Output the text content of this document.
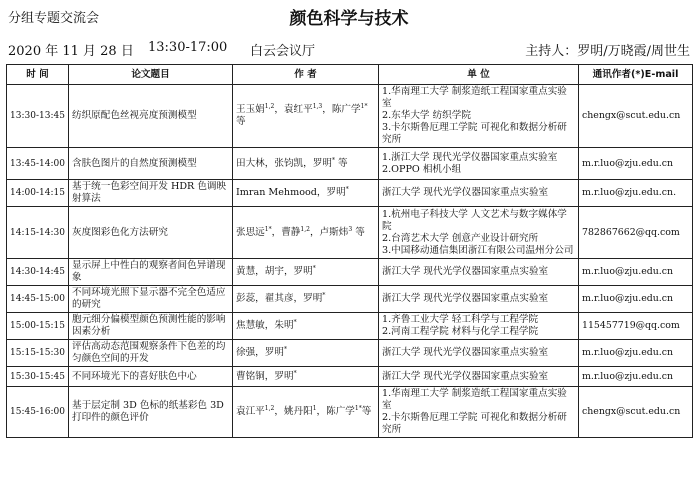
分组专题交流会	颜色科学与技术
2020 年 11 月 28 日 13:30-17:00 白云会议厅	主持人：罗明/万晓霞/周世生
时 间	论文题目	作 者	单 位	通讯作者(*)E-mail
13:30-13:45	纺织原配色丝视亮度预测模型	王玉娟$^{1,2}$，袁红平$^{1,3}$，陈广学$^{1*}$ 等	1.华南理工大学 制浆造纸工程国家重点实验室
2.东华大学 纺织学院
3.卡尔斯鲁厄理工学院 可视化和数据分析研究所	chengx@scut.edu.cn
13:45-14:00	含肤色图片的自然度预测模型	田大林，张钧凯，罗明* 等	1.浙江大学 现代光学仪器国家重点实验室
2.OPPO 相机小组	m.r.luo@zju.edu.cn
14:00-14:15	基于统一色彩空间开发 HDR 色调映射算法	Imran Mehmood，罗明*	浙江大学 现代光学仪器国家重点实验室	m.r.luo@zju.edu.cn.
14:15-14:30	灰度图彩色化方法研究	张思远$^{1*}$，曹静$^{1,2}$，卢斯炜$^3$ 等	1.杭州电子科技大学 人文艺术与数字媒体学院
2.台湾艺术大学 创意产业设计研究所
3.中国移动通信集团浙江有限公司温州分公司	782867662@qq.com
14:30-14:45	显示屏上中性白的观察者间色异谱现象	黄慧，胡宇，罗明*	浙江大学 现代光学仪器国家重点实验室	m.r.luo@zju.edu.cn
14:45-15:00	不同环境光照下显示器不完全色适应的研究	彭蕊，翟其彦，罗明*	浙江大学 现代光学仪器国家重点实验室	m.r.luo@zju.edu.cn
15:00-15:15	胞元细分偏模型颜色预测性能的影响因素分析	焦慧敏，朱明*	1.齐鲁工业大学 轻工科学与工程学院
2.河南工程学院 材料与化学工程学院	115457719@qq.com
15:15-15:30	评估高动态范围观察条件下色差的均匀颜色空间的开发	徐强，罗明*	浙江大学 现代光学仪器国家重点实验室	m.r.luo@zju.edu.cn
15:30-15:45	不同环境光下的喜好肤色中心	曹铭铜，罗明*	浙江大学 现代光学仪器国家重点实验室	m.r.luo@zju.edu.cn
15:45-16:00	基于层定制 3D 色标的纸基彩色 3D 打印件的颜色评价	袁江平$^{1,2}$，姚丹阳$^1$，陈广学$^{1*}$等	1.华南理工大学 制浆造纸工程国家重点实验室
2.卡尔斯鲁厄理工学院 可视化和数据分析研究所	chengx@scut.edu.cn
